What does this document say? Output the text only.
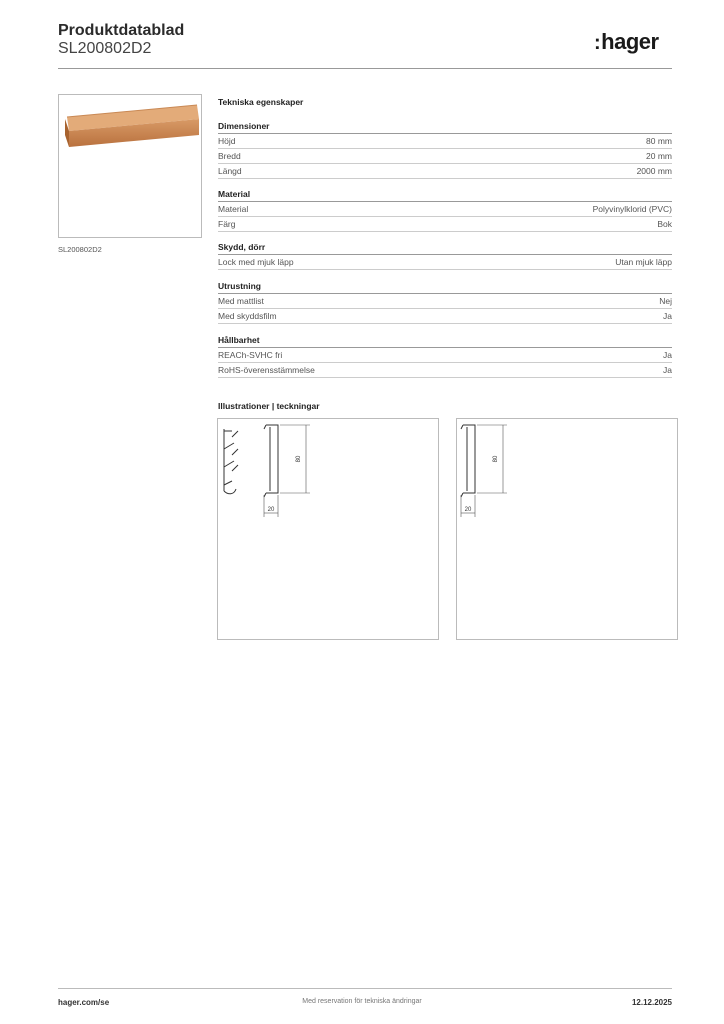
Produktdatablad
SL200802D2	:hager
SL200802D2
Tekniska egenskaper
Dimensioner
Höjd	80 mm
Bredd	20 mm
Längd	2000 mm
Material
Material	Polyvinylklorid (PVC)
Färg	Bok
Skydd, dörr
Lock med mjuk läpp	Utan mjuk läpp
Utrustning
Med mattlist	Nej
Med skyddsfilm	Ja
Hållbarhet
REACh-SVHC fri	Ja
RoHS-överensstämmelse	Ja
Illustrationer | teckningar
80
20
80
20
hager.com/se	Med reservation för tekniska ändringar	12.12.2025
